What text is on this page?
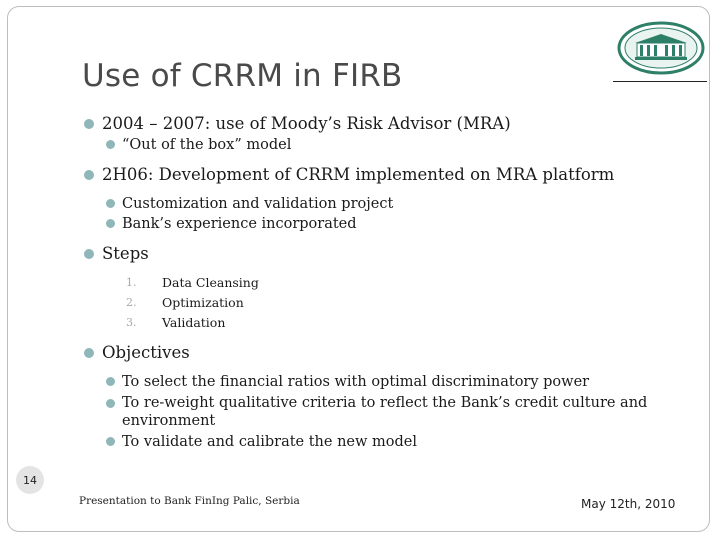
Use of CRRM in FIRB
2004 – 2007: use of Moody’s Risk Advisor (MRA)
“Out of the box” model
2H06: Development of CRRM implemented on MRA platform
Customization and validation project
Bank’s experience incorporated
Steps
1. Data Cleansing
2. Optimization
3. Validation
Objectives
To select the financial ratios with optimal discriminatory power
To re-weight qualitative criteria to reflect the Bank’s credit culture and environment
To validate and calibrate the new model
14
Presentation to Bank FinIng Palic, Serbia	May 12th, 2010
